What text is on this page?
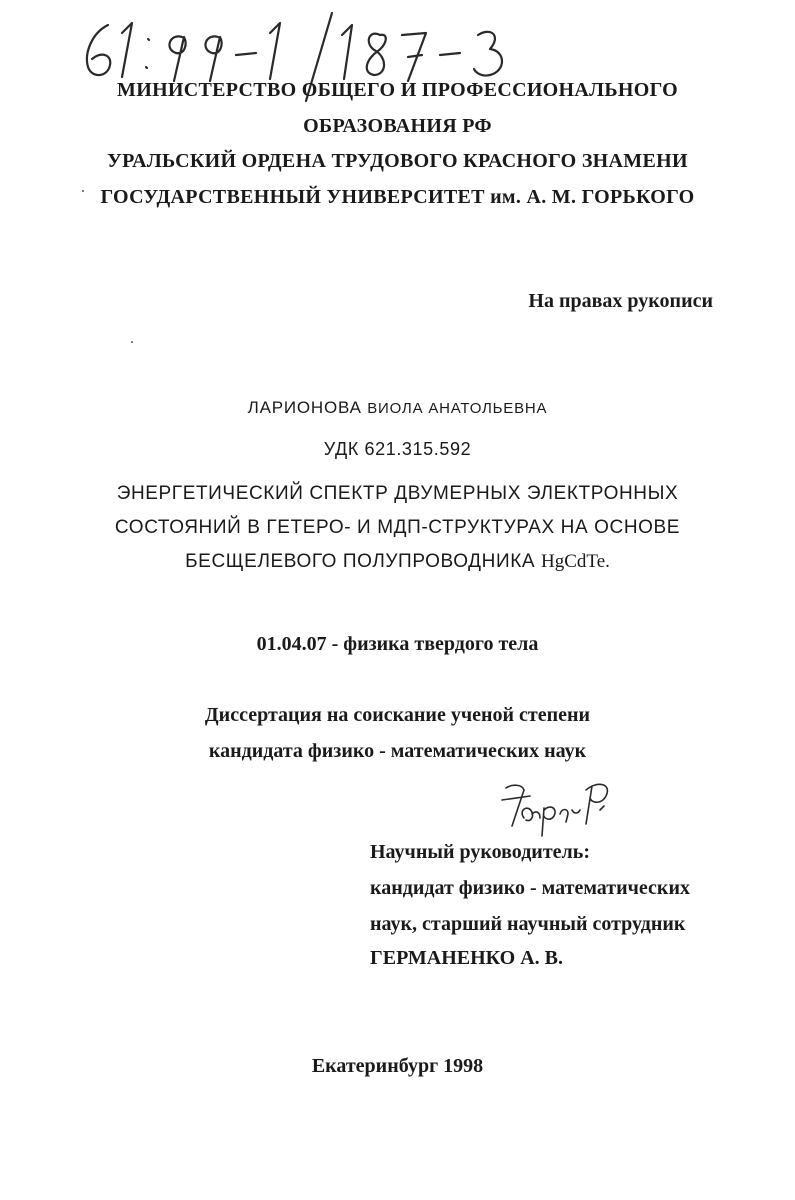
МИНИСТЕРСТВО ОБЩЕГО И ПРОФЕССИОНАЛЬНОГО
ОБРАЗОВАНИЯ РФ
УРАЛЬСКИЙ ОРДЕНА ТРУДОВОГО КРАСНОГО ЗНАМЕНИ
ГОСУДАРСТВЕННЫЙ УНИВЕРСИТЕТ им. А. М. ГОРЬКОГО
На правах рукописи
ЛАРИОНОВА ВИОЛА АНАТОЛЬЕВНА
УДК 621.315.592
ЭНЕРГЕТИЧЕСКИЙ СПЕКТР ДВУМЕРНЫХ ЭЛЕКТРОННЫХ
СОСТОЯНИЙ В ГЕТЕРО- И МДП-СТРУКТУРАХ НА ОСНОВЕ
БЕСЩЕЛЕВОГО ПОЛУПРОВОДНИКА HgCdTe.
01.04.07 - физика твердого тела
Диссертация на соискание ученой степени
кандидата физико - математических наук
Научный руководитель:
кандидат физико - математических
наук, старший научный сотрудник
ГЕРМАНЕНКО А. В.
Екатеринбург 1998
